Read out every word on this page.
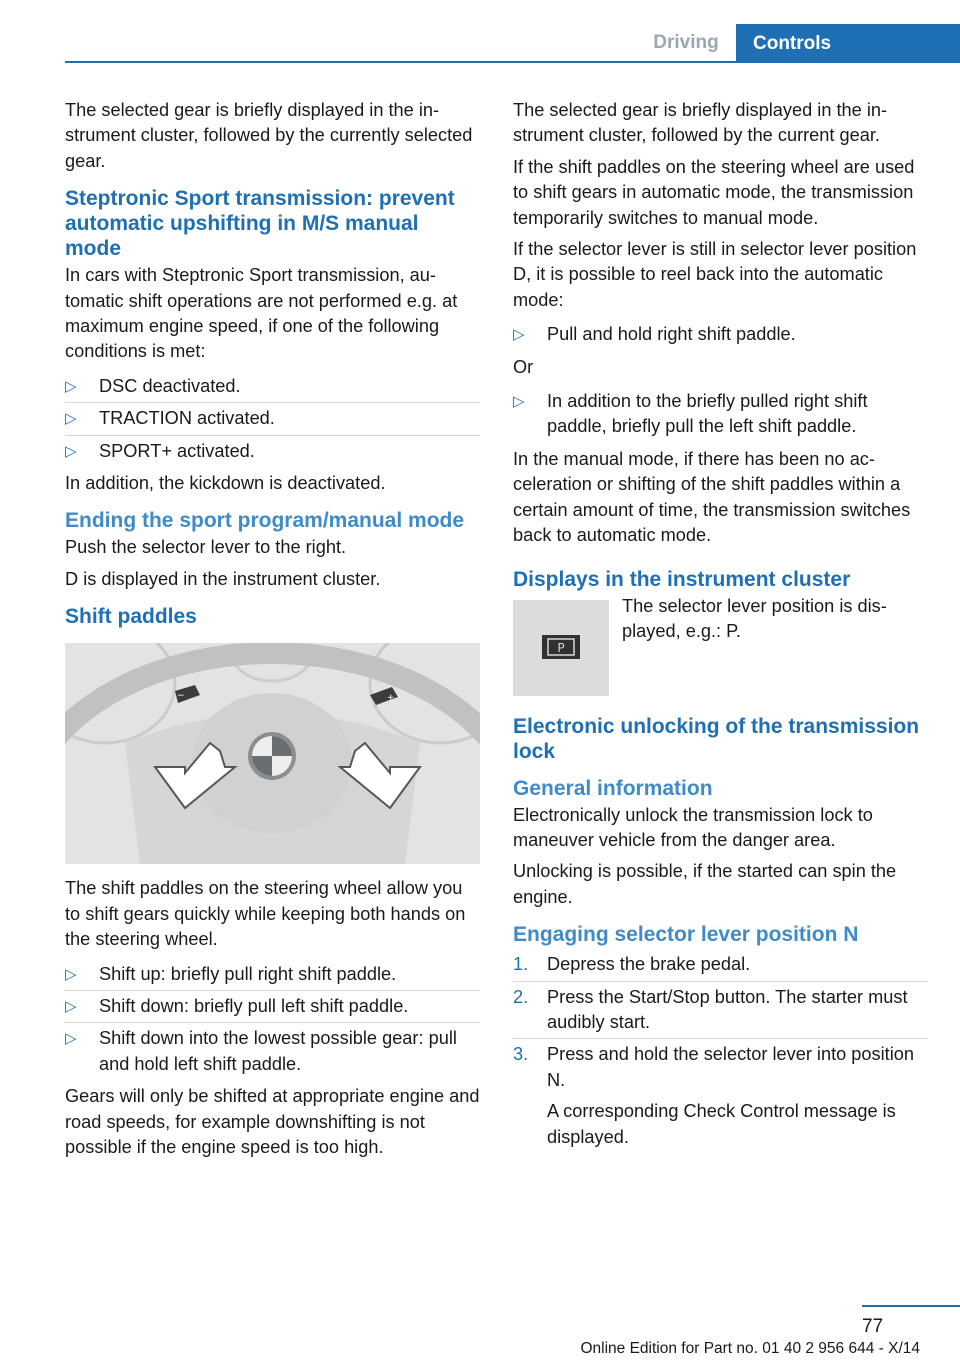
Driving	Controls

The selected gear is briefly displayed in the instrument cluster, followed by the currently selected gear.

Steptronic Sport transmission: prevent automatic upshifting in M/S manual mode

In cars with Steptronic Sport transmission, automatic shift operations are not performed e.g. at maximum engine speed, if one of the following conditions is met:

▷ DSC deactivated.
▷ TRACTION activated.
▷ SPORT+ activated.

In addition, the kickdown is deactivated.

Ending the sport program/manual mode

Push the selector lever to the right.

D is displayed in the instrument cluster.

Shift paddles
−	+

The shift paddles on the steering wheel allow you to shift gears quickly while keeping both hands on the steering wheel.

▷ Shift up: briefly pull right shift paddle.
▷ Shift down: briefly pull left shift paddle.
▷ Shift down into the lowest possible gear: pull and hold left shift paddle.

Gears will only be shifted at appropriate engine and road speeds, for example downshifting is not possible if the engine speed is too high.

The selected gear is briefly displayed in the instrument cluster, followed by the current gear.

If the shift paddles on the steering wheel are used to shift gears in automatic mode, the transmission temporarily switches to manual mode.

If the selector lever is still in selector lever position D, it is possible to reel back into the automatic mode:

▷ Pull and hold right shift paddle.

Or

▷ In addition to the briefly pulled right shift paddle, briefly pull the left shift paddle.

In the manual mode, if there has been no acceleration or shifting of the shift paddles within a certain amount of time, the transmission switches back to automatic mode.

Displays in the instrument cluster
P

The selector lever position is displayed, e.g.: P.

Electronic unlocking of the transmission lock
General information

Electronically unlock the transmission lock to maneuver vehicle from the danger area.

Unlocking is possible, if the started can spin the engine.

Engaging selector lever position N
1. Depress the brake pedal.
2. Press the Start/Stop button. The starter must audibly start.
3. Press and hold the selector lever into position N.
A corresponding Check Control message is displayed.
77
Online Edition for Part no. 01 40 2 956 644 - X/14
